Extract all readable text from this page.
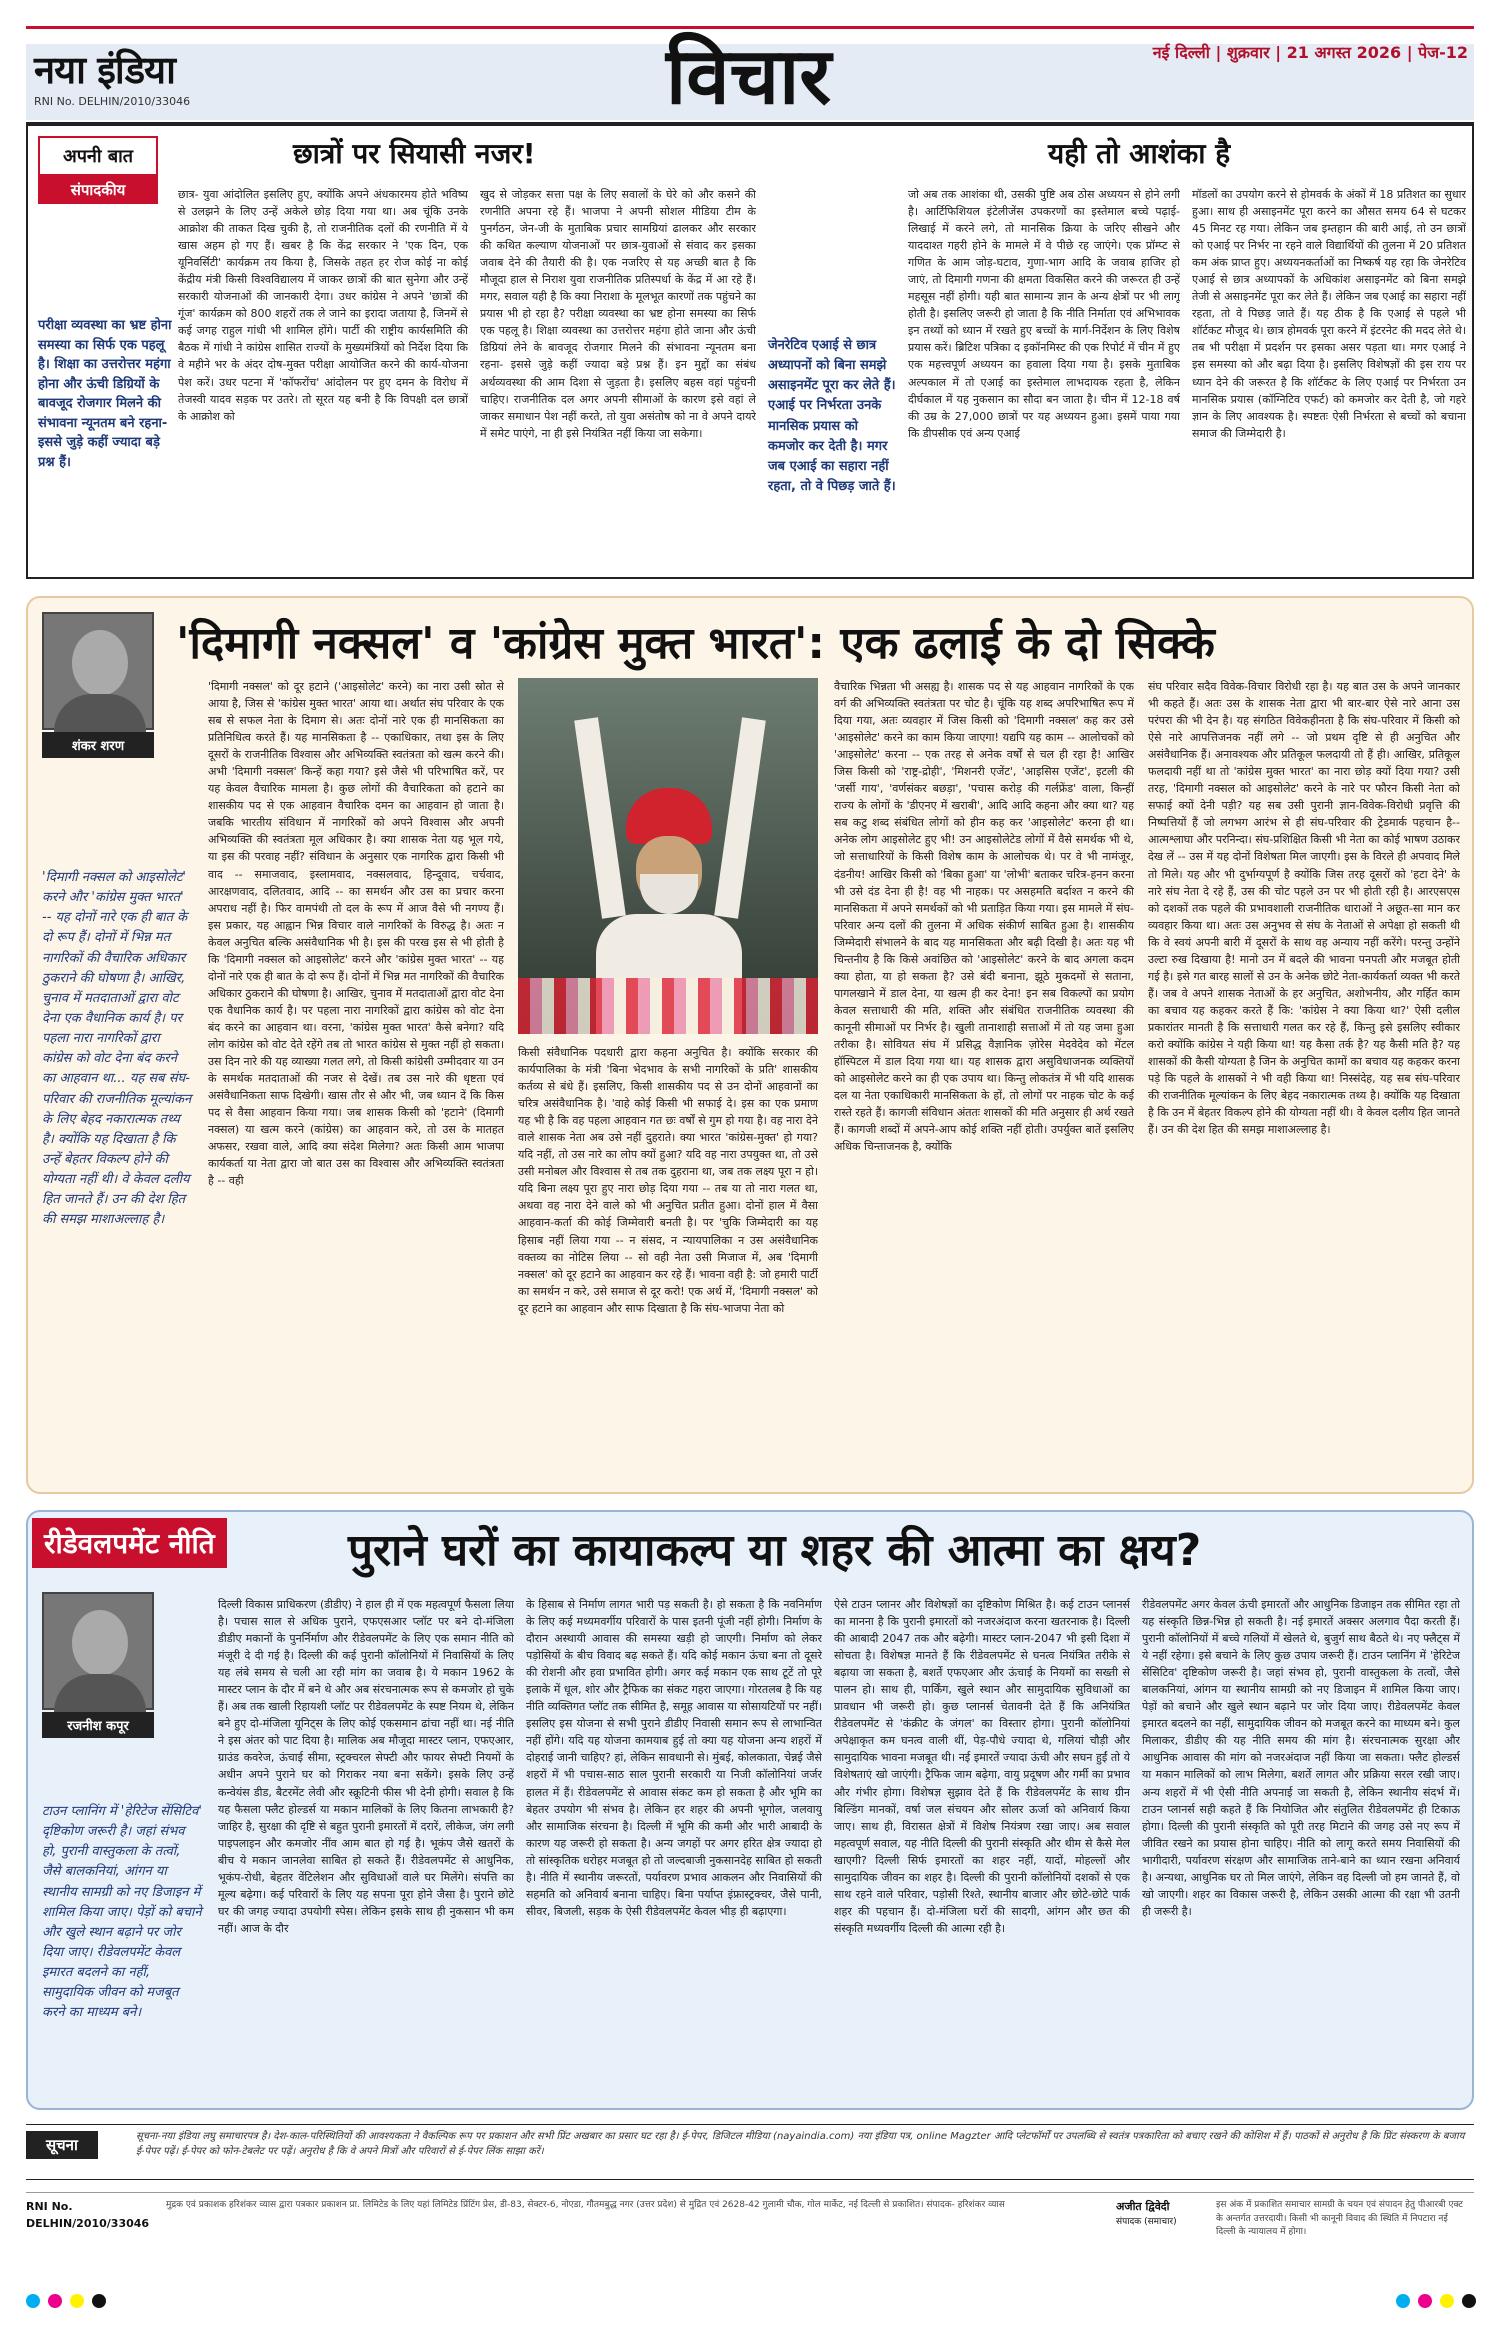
नया इंडिया
RNI No. DELHIN/2010/33046	विचार	नई दिल्ली | शुक्रवार | 21 अगस्त 2026 | पेज-12
अपनी बात
संपादकीय
परीक्षा व्यवस्था का भ्रष्ट होना समस्या का सिर्फ एक पहलू है। शिक्षा का उत्तरोत्तर महंगा होना और ऊंची डिग्रियों के बावजूद रोजगार मिलने की संभावना न्यूनतम बने रहना- इससे जुड़े कहीं ज्यादा बड़े प्रश्न हैं।
छात्रों पर सियासी नजर!
छात्र- युवा आंदोलित इसलिए हुए, क्योंकि अपने अंधकारमय होते भविष्य से उलझने के लिए उन्हें अकेले छोड़ दिया गया था। अब चूंकि उनके आक्रोश की ताकत दिख चुकी है, तो राजनीतिक दलों की रणनीति में ये खास अहम हो गए हैं। खबर है कि केंद्र सरकार ने 'एक दिन, एक यूनिवर्सिटी' कार्यक्रम तय किया है, जिसके तहत हर रोज कोई ना कोई केंद्रीय मंत्री किसी विश्वविद्यालय में जाकर छात्रों की बात सुनेगा और उन्हें सरकारी योजनाओं की जानकारी देगा। उधर कांग्रेस ने अपने 'छात्रों की गूंज' कार्यक्रम को 800 शहरों तक ले जाने का इरादा जताया है, जिनमें से कई जगह राहुल गांधी भी शामिल होंगे। पार्टी की राष्ट्रीय कार्यसमिति की बैठक में गांधी ने कांग्रेस शासित राज्यों के मुख्यमंत्रियों को निर्देश दिया कि वे महीने भर के अंदर दोष-मुक्त परीक्षा आयोजित करने की कार्य-योजना पेश करें। उधर पटना में 'कॉफरोंच' आंदोलन पर हुए दमन के विरोध में तेजस्वी यादव सड़क पर उतरे। तो सूरत यह बनी है कि विपक्षी दल छात्रों के आक्रोश को
खुद से जोड़कर सत्ता पक्ष के लिए सवालों के घेरे को और कसने की रणनीति अपना रहे हैं। भाजपा ने अपनी सोशल मीडिया टीम के पुनर्गठन, जेन-जी के मुताबिक प्रचार सामग्रियां ढालकर और सरकार की कथित कल्याण योजनाओं पर छात्र-युवाओं से संवाद कर इसका जवाब देने की तैयारी की है। एक नजरिए से यह अच्छी बात है कि मौजूदा हाल से निराश युवा राजनीतिक प्रतिस्पर्धा के केंद्र में आ रहे हैं। मगर, सवाल यही है कि क्या निराशा के मूलभूत कारणों तक पहुंचने का प्रयास भी हो रहा है? परीक्षा व्यवस्था का भ्रष्ट होना समस्या का सिर्फ एक पहलू है। शिक्षा व्यवस्था का उत्तरोत्तर महंगा होते जाना और ऊंची डिग्रियां लेने के बावजूद रोजगार मिलने की संभावना न्यूनतम बना रहना- इससे जुड़े कहीं ज्यादा बड़े प्रश्न हैं। इन मुद्दों का संबंध अर्थव्यवस्था की आम दिशा से जुड़ता है। इसलिए बहस वहां पहुंचनी चाहिए। राजनीतिक दल अगर अपनी सीमाओं के कारण इसे वहां ले जाकर समाधान पेश नहीं करते, तो युवा असंतोष को ना वे अपने दायरे में समेट पाएंगे, ना ही इसे नियंत्रित नहीं किया जा सकेगा।
जेनरेटिव एआई से छात्र अध्यापनों को बिना समझे असाइनमेंट पूरा कर लेते हैं। एआई पर निर्भरता उनके मानसिक प्रयास को कमजोर कर देती है। मगर जब एआई का सहारा नहीं रहता, तो वे पिछड़ जाते हैं।
यही तो आशंका है
जो अब तक आशंका थी, उसकी पुष्टि अब ठोस अध्ययन से होने लगी है। आर्टिफिशियल इंटेलीजेंस उपकरणों का इस्तेमाल बच्चे पढ़ाई-लिखाई में करने लगे, तो मानसिक क्रिया के जरिए सीखने और याददाश्त गहरी होने के मामले में वे पीछे रह जाएंगे। एक प्रॉम्प्ट से गणित के आम जोड़-घटाव, गुणा-भाग आदि के जवाब हाजिर हो जाएं, तो दिमागी गणना की क्षमता विकसित करने की जरूरत ही उन्हें महसूस नहीं होगी। यही बात सामान्य ज्ञान के अन्य क्षेत्रों पर भी लागू होती है। इसलिए जरूरी हो जाता है कि नीति निर्माता एवं अभिभावक इन तथ्यों को ध्यान में रखते हुए बच्चों के मार्ग-निर्देशन के लिए विशेष प्रयास करें। ब्रिटिश पत्रिका द इकॉनमिस्ट की एक रिपोर्ट में चीन में हुए एक महत्त्वपूर्ण अध्ययन का हवाला दिया गया है। इसके मुताबिक अल्पकाल में तो एआई का इस्तेमाल लाभदायक रहता है, लेकिन दीर्घकाल में यह नुकसान का सौदा बन जाता है। चीन में 12-18 वर्ष की उम्र के 27,000 छात्रों पर यह अध्ययन हुआ। इसमें पाया गया कि डीपसीक एवं अन्य एआई
मॉडलों का उपयोग करने से होमवर्क के अंकों में 18 प्रतिशत का सुधार हुआ। साथ ही असाइनमेंट पूरा करने का औसत समय 64 से घटकर 45 मिनट रह गया। लेकिन जब इम्तहान की बारी आई, तो उन छात्रों को एआई पर निर्भर ना रहने वाले विद्यार्थियों की तुलना में 20 प्रतिशत कम अंक प्राप्त हुए। अध्ययनकर्ताओं का निष्कर्ष यह रहा कि जेनरेटिव एआई से छात्र अध्यापकों के अधिकांश असाइनमेंट को बिना समझे तेजी से असाइनमेंट पूरा कर लेते हैं। लेकिन जब एआई का सहारा नहीं रहता, तो वे पिछड़ जाते हैं। यह ठीक है कि एआई से पहले भी शॉर्टकट मौजूद थे। छात्र होमवर्क पूरा करने में इंटरनेट की मदद लेते थे। तब भी परीक्षा में प्रदर्शन पर इसका असर पड़ता था। मगर एआई ने इस समस्या को और बढ़ा दिया है। इसलिए विशेषज्ञों की इस राय पर ध्यान देने की जरूरत है कि शॉर्टकट के लिए एआई पर निर्भरता उन मानसिक प्रयास (कॉग्निटिव एफर्ट) को कमजोर कर देती है, जो गहरे ज्ञान के लिए आवश्यक है। स्पष्टतः ऐसी निर्भरता से बच्चों को बचाना समाज की जिम्मेदारी है।
शंकर शरण
'दिमागी नक्सल' व 'कांग्रेस मुक्त भारत': एक ढलाई के दो सिक्के
'दिमागी नक्सल को आइसोलेट' करने और 'कांग्रेस मुक्त भारत' -- यह दोनों नारे एक ही बात के दो रूप हैं। दोनों में भिन्न मत नागरिकों की वैचारिक अधिकार ठुकराने की घोषणा है। आखिर, चुनाव में मतदाताओं द्वारा वोट देना एक वैधानिक कार्य है। पर पहला नारा नागरिकों द्वारा कांग्रेस को वोट देना बंद करने का आहवान था... यह सब संघ-परिवार की राजनीतिक मूल्यांकन के लिए बेहद नकारात्मक तथ्य है। क्योंकि यह दिखाता है कि उन्हें बेहतर विकल्प होने की योग्यता नहीं थी। वे केवल दलीय हित जानते हैं। उन की देश हित की समझ माशाअल्लाह है।
'दिमागी नक्सल' को दूर हटाने ('आइसोलेट' करने) का नारा उसी स्रोत से आया है, जिस से 'कांग्रेस मुक्त भारत' आया था। अर्थात संघ परिवार के एक सब से सफल नेता के दिमाग से। अतः दोनों नारे एक ही मानसिकता का प्रतिनिधित्व करते हैं। यह मानसिकता है -- एकाधिकार, तथा इस के लिए दूसरों के राजनीतिक विश्वास और अभिव्यक्ति स्वतंत्रता को खत्म करने की। अभी 'दिमागी नक्सल' किन्हें कहा गया? इसे जैसे भी परिभाषित करें, पर यह केवल वैचारिक मामला है। कुछ लोगों की वैचारिकता को हटाने का शासकीय पद से एक आहवान वैचारिक दमन का आहवान हो जाता है। जबकि भारतीय संविधान में नागरिकों को अपने विश्वास और अपनी अभिव्यक्ति की स्वतंत्रता मूल अधिकार है। क्या शासक नेता यह भूल गये, या इस की परवाह नहीं? संविधान के अनुसार एक नागरिक द्वारा किसी भी वाद -- समाजवाद, इस्लामवाद, नक्सलवाद, हिन्दूवाद, चर्चवाद, आरक्षणवाद, दलितवाद, आदि -- का समर्थन और उस का प्रचार करना अपराध नहीं है। फिर वामपंथी तो दल के रूप में आज वैसे भी नगण्य हैं। इस प्रकार, यह आह्वान भिन्न विचार वाले नागरिकों के विरुद्ध है। अतः न केवल अनुचित बल्कि असंवैधानिक भी है। इस की परख इस से भी होती है कि 'दिमागी नक्सल को आइसोलेट' करने और 'कांग्रेस मुक्त भारत' -- यह दोनों नारे एक ही बात के दो रूप हैं। दोनों में भिन्न मत नागरिकों की वैचारिक अधिकार ठुकराने की घोषणा है। आखिर, चुनाव में मतदाताओं द्वारा वोट देना एक वैधानिक कार्य है। पर पहला नारा नागरिकों द्वारा कांग्रेस को वोट देना बंद करने का आहवान था। वरना, 'कांग्रेस मुक्त भारत' कैसे बनेगा? यदि लोग कांग्रेस को वोट देते रहेंगे तब तो भारत कांग्रेस से मुक्त नहीं हो सकता। उस दिन नारे की यह व्याख्या गलत लगे, तो किसी कांग्रेसी उम्मीदवार या उन के समर्थक मतदाताओं की नजर से देखें। तब उस नारे की धृष्टता एवं असंवैधानिकता साफ दिखेगी। खास तौर से और भी, जब ध्यान दें कि किस पद से वैसा आहवान किया गया। जब शासक किसी को 'हटाने' (दिमागी नक्सल) या खत्म करने (कांग्रेस) का आहवान करे, तो उस के मातहत अफसर, रखवा वाले, आदि क्या संदेश मिलेगा? अतः किसी आम भाजपा कार्यकर्ता या नेता द्वारा जो बात उस का विश्वास और अभिव्यक्ति स्वतंत्रता है -- वही
किसी संवैधानिक पदधारी द्वारा कहना अनुचित है। क्योंकि सरकार की कार्यपालिका के मंत्री 'बिना भेदभाव के सभी नागरिकों के प्रति' शासकीय कर्तव्य से बंधे हैं। इसलिए, किसी शासकीय पद से उन दोनों आहवानों का चरित्र असंवैधानिक है। 'वाहे कोई किसी भी सफाई दे। इस का एक प्रमाण यह भी है कि वह पहला आहवान गत छः वर्षों से गुम हो गया है। वह नारा देने वाले शासक नेता अब उसे नहीं दुहराते। क्या भारत 'कांग्रेस-मुक्त' हो गया? यदि नहीं, तो उस नारे का लोप क्यों हुआ? यदि वह नारा उपयुक्त था, तो उसे उसी मनोबल और विश्वास से तब तक दुहराना था, जब तक लक्ष्य पूरा न हो। यदि बिना लक्ष्य पूरा हुए नारा छोड़ दिया गया -- तब या तो नारा गलत था, अथवा वह नारा देने वाले को भी अनुचित प्रतीत हुआ। दोनों हाल में वैसा आहवान-कर्ता की कोई जिम्मेवारी बनती है। पर 'चुकि जिम्मेदारी का यह हिसाब नहीं लिया गया -- न संसद, न न्यायपालिका न उस असंवैधानिक वक्तव्य का नोटिस लिया -- सो वही नेता उसी मिजाज में, अब 'दिमागी नक्सल' को दूर हटाने का आहवान कर रहे हैं। भावना वही है: जो हमारी पार्टी का समर्थन न करे, उसे समाज से दूर करो! एक अर्थ में, 'दिमागी नक्सल' को दूर हटाने का आहवान और साफ दिखाता है कि संघ-भाजपा नेता को
वैचारिक भिन्नता भी असह्य है। शासक पद से यह आहवान नागरिकों के एक वर्ग की अभिव्यक्ति स्वतंत्रता पर चोट है। चूंकि यह शब्द अपरिभाषित रूप में दिया गया, अतः व्यवहार में जिस किसी को 'दिमागी नक्सल' कह कर उसे 'आइसोलेट' करने का काम किया जाएगा! यद्यपि यह काम -- आलोचकों को 'आइसोलेट' करना -- एक तरह से अनेक वर्षों से चल ही रहा है! आखिर जिस किसी को 'राष्ट्र-द्रोही', 'मिशनरी एजेंट', 'आइसिस एजेंट', इटली की 'जर्सी गाय', 'वर्णसंकर बछड़ा', 'पचास करोड़ की गर्लफ्रेंड' वाला, किन्हीं राज्य के लोगों के 'डीएनए में खराबी', आदि आदि कहना और क्या था? यह सब कटु शब्द संबंधित लोगों को हीन कह कर 'आइसोलेट' करना ही था। अनेक लोग आइसोलेट हुए भी! उन आइसोलेटेड लोगों में वैसे समर्थक भी थे, जो सत्ताधारियों के किसी विशेष काम के आलोचक थे। पर वे भी नामंजूर, दंडनीय! आखिर किसी को 'बिका हुआ' या 'लोभी' बताकर चरित्र-हनन करना भी उसे दंड देना ही है! वह भी नाहक। पर असहमति बर्दाश्त न करने की मानसिकता में अपने समर्थकों को भी प्रताड़ित किया गया। इस मामले में संघ-परिवार अन्य दलों की तुलना में अधिक संकीर्ण साबित हुआ है। शासकीय जिम्मेदारी संभालने के बाद यह मानसिकता और बढ़ी दिखी है। अतः यह भी चिन्तनीय है कि किसे अवांछित को 'आइसोलेट' करने के बाद अगला कदम क्या होता, या हो सकता है? उसे बंदी बनाना, झूठे मुकदमों से सताना, पागलखाने में डाल देना, या खत्म ही कर देना! इन सब विकल्पों का प्रयोग केवल सत्ताधारी की मति, शक्ति और संबंधित राजनीतिक व्यवस्था की कानूनी सीमाओं पर निर्भर है। खुली तानाशाही सत्ताओं में तो यह जमा हुआ तरीका है। सोवियत संघ में प्रसिद्ध वैज्ञानिक ज़ोरेस मेदवेदेव को मेंटल हॉस्पिटल में डाल दिया गया था। यह शासक द्वारा असुविधाजनक व्यक्तियों को आइसोलेट करने का ही एक उपाय था। किन्तु लोकतंत्र में भी यदि शासक दल या नेता एकाधिकारी मानसिकता के हों, तो लोगों पर नाहक चोट के कई रास्ते रहते हैं। कागजी संविधान अंततः शासकों की मति अनुसार ही अर्थ रखते हैं। कागजी शब्दों में अपने-आप कोई शक्ति नहीं होती। उपर्युक्त बातें इसलिए अधिक चिन्ताजनक है, क्योंकि
संघ परिवार सदैव विवेक-विचार विरोधी रहा है। यह बात उस के अपने जानकार भी कहते हैं। अतः उस के शासक नेता द्वारा भी बार-बार ऐसे नारे आना उस परंपरा की भी देन है। यह संगठित विवेकहीनता है कि संघ-परिवार में किसी को ऐसे नारे आपत्तिजनक नहीं लगे -- जो प्रथम दृष्टि से ही अनुचित और असंवैधानिक हैं। अनावश्यक और प्रतिकूल फलदायी तो हैं ही। आखिर, प्रतिकूल फलदायी नहीं था तो 'कांग्रेस मुक्त भारत' का नारा छोड़ क्यों दिया गया? उसी तरह, 'दिमागी नक्सल को आइसोलेट' करने के नारे पर फौरन किसी नेता को सफाई क्यों देनी पड़ी? यह सब उसी पुरानी ज्ञान-विवेक-विरोधी प्रवृत्ति की निष्पत्तियों हैं जो लगभग आरंभ से ही संघ-परिवार की ट्रेडमार्क पहचान है-- आत्मश्लाघा और परनिन्दा। संघ-प्रशिक्षित किसी भी नेता का कोई भाषण उठाकर देख लें -- उस में यह दोनों विशेषता मिल जाएगी। इस के विरले ही अपवाद मिले तो मिले। यह और भी दुर्भाग्यपूर्ण है क्योंकि जिस तरह दूसरों को 'हटा देने' के नारे संघ नेता दे रहे हैं, उस की चोट पहले उन पर भी होती रही है। आरएसएस को दशकों तक पहले की प्रभावशाली राजनीतिक धाराओं ने अछूत-सा मान कर व्यवहार किया था। अतः उस अनुभव से संघ के नेताओं से अपेक्षा हो सकती थी कि वे स्वयं अपनी बारी में दूसरों के साथ वह अन्याय नहीं करेंगे। परन्तु उन्होंने उल्टा रुख दिखाया है! मानो उन में बदले की भावना पनपती और मजबूत होती गई है। इसे गत बारह सालों से उन के अनेक छोटे नेता-कार्यकर्ता व्यक्त भी करते हैं। जब वे अपने शासक नेताओं के हर अनुचित, अशोभनीय, और गर्हित काम का बचाव यह कहकर करते हैं कि: 'कांग्रेस ने क्या किया था?' ऐसी दलील प्रकारांतर मानती है कि सत्ताधारी गलत कर रहे हैं, किन्तु इसे इसलिए स्वीकार करो क्योंकि कांग्रेस ने यही किया था! यह कैसा तर्क है? यह कैसी मति है? यह शासकों की कैसी योग्यता है जिन के अनुचित कामों का बचाव यह कहकर करना पड़े कि पहले के शासकों ने भी वही किया था! निस्संदेह, यह सब संघ-परिवार की राजनीतिक मूल्यांकन के लिए बेहद नकारात्मक तथ्य है। क्योंकि यह दिखाता है कि उन में बेहतर विकल्प होने की योग्यता नहीं थी। वे केवल दलीय हित जानते हैं। उन की देश हित की समझ माशाअल्लाह है।
रीडेवलपमेंट नीति	पुराने घरों का कायाकल्प या शहर की आत्मा का क्षय?
रजनीश कपूर
टाउन प्लानिंग में 'हेरिटेज सेंसिटिव' दृष्टिकोण जरूरी है। जहां संभव हो, पुरानी वास्तुकला के तत्वों, जैसे बालकनियां, आंगन या स्थानीय सामग्री को नए डिजाइन में शामिल किया जाए। पेड़ों को बचाने और खुले स्थान बढ़ाने पर जोर दिया जाए। रीडेवलपमेंट केवल इमारत बदलने का नहीं, सामुदायिक जीवन को मजबूत करने का माध्यम बने।
दिल्ली विकास प्राधिकरण (डीडीए) ने हाल ही में एक महत्वपूर्ण फैसला लिया है। पचास साल से अधिक पुराने, एफएसआर प्लॉट पर बने दो-मंजिला डीडीए मकानों के पुनर्निर्माण और रीडेवलपमेंट के लिए एक समान नीति को मंजूरी दे दी गई है। दिल्ली की कई पुरानी कॉलोनियों में निवासियों के लिए यह लंबे समय से चली आ रही मांग का जवाब है। ये मकान 1962 के मास्टर प्लान के दौर में बने थे और अब संरचनात्मक रूप से कमजोर हो चुके हैं। अब तक खाली रिहायशी प्लॉट पर रीडेवलपमेंट के स्पष्ट नियम थे, लेकिन बने हुए दो-मंजिला यूनिट्स के लिए कोई एकसमान ढांचा नहीं था। नई नीति ने इस अंतर को पाट दिया है। मालिक अब मौजूदा मास्टर प्लान, एफएआर, ग्राउंड कवरेज, ऊंचाई सीमा, स्ट्रक्चरल सेफ्टी और फायर सेफ्टी नियमों के अधीन अपने पुराने घर को गिराकर नया बना सकेंगे। इसके लिए उन्हें कन्वेयंस डीड, बैटरमेंट लेवी और स्क्रूटिनी फीस भी देनी होगी। सवाल है कि यह फैसला फ्लैट होल्डर्स या मकान मालिकों के लिए कितना लाभकारी है? जाहिर है, सुरक्षा की दृष्टि से बहुत पुरानी इमारतों में दरारें, लीकेज, जंग लगी पाइपलाइन और कमजोर नींव आम बात हो गई है। भूकंप जैसे खतरों के बीच ये मकान जानलेवा साबित हो सकते हैं। रीडेवलपमेंट से आधुनिक, भूकंप-रोधी, बेहतर वेंटिलेशन और सुविधाओं वाले घर मिलेंगे। संपत्ति का मूल्य बढ़ेगा। कई परिवारों के लिए यह सपना पूरा होने जैसा है। पुराने छोटे घर की जगह ज्यादा उपयोगी स्पेस। लेकिन इसके साथ ही नुकसान भी कम नहीं। आज के दौर
के हिसाब से निर्माण लागत भारी पड़ सकती है। हो सकता है कि नवनिर्माण के लिए कई मध्यमवर्गीय परिवारों के पास इतनी पूंजी नहीं होगी। निर्माण के दौरान अस्थायी आवास की समस्या खड़ी हो जाएगी। निर्माण को लेकर पड़ोसियों के बीच विवाद बढ़ सकते हैं। यदि कोई मकान ऊंचा बना तो दूसरे की रोशनी और हवा प्रभावित होगी। अगर कई मकान एक साथ टूटें तो पूरे इलाके में धूल, शोर और ट्रैफिक का संकट गहरा जाएगा। गोरतलब है कि यह नीति व्यक्तिगत प्लॉट तक सीमित है, समूह आवास या सोसायटियों पर नहीं। इसलिए इस योजना से सभी पुराने डीडीए निवासी समान रूप से लाभान्वित नहीं होंगे। यदि यह योजना कामयाब हुई तो क्या यह योजना अन्य शहरों में दोहराई जानी चाहिए? हां, लेकिन सावधानी से। मुंबई, कोलकाता, चेन्नई जैसे शहरों में भी पचास-साठ साल पुरानी सरकारी या निजी कॉलोनियां जर्जर हालत में हैं। रीडेवलपमेंट से आवास संकट कम हो सकता है और भूमि का बेहतर उपयोग भी संभव है। लेकिन हर शहर की अपनी भूगोल, जलवायु और सामाजिक संरचना है। दिल्ली में भूमि की कमी और भारी आबादी के कारण यह जरूरी हो सकता है। अन्य जगहों पर अगर हरित क्षेत्र ज्यादा हो तो सांस्कृतिक धरोहर मजबूत हो तो जल्दबाजी नुकसानदेह साबित हो सकती है। नीति में स्थानीय जरूरतों, पर्यावरण प्रभाव आकलन और निवासियों की सहमति को अनिवार्य बनाना चाहिए। बिना पर्याप्त इंफ्रास्ट्रक्चर, जैसे पानी, सीवर, बिजली, सड़क के ऐसी रीडेवलपमेंट केवल भीड़ ही बढ़ाएगा।
ऐसे टाउन प्लानर और विशेषज्ञों का दृष्टिकोण मिश्रित है। कई टाउन प्लानर्स का मानना है कि पुरानी इमारतों को नजरअंदाज करना खतरनाक है। दिल्ली की आबादी 2047 तक और बढ़ेगी। मास्टर प्लान-2047 भी इसी दिशा में सोचता है। विशेषज्ञ मानते हैं कि रीडेवलपमेंट से घनत्व नियंत्रित तरीके से बढ़ाया जा सकता है, बशर्ते एफएआर और ऊंचाई के नियमों का सख्ती से पालन हो। साथ ही, पार्किंग, खुले स्थान और सामुदायिक सुविधाओं का प्रावधान भी जरूरी हो। कुछ प्लानर्स चेतावनी देते हैं कि अनियंत्रित रीडेवलपमेंट से 'कंक्रीट के जंगल' का विस्तार होगा। पुरानी कॉलोनियां अपेक्षाकृत कम घनत्व वाली थीं, पेड़-पौधे ज्यादा थे, गलियां चौड़ी और सामुदायिक भावना मजबूत थी। नई इमारतें ज्यादा ऊंची और सघन हुईं तो ये विशेषताएं खो जाएंगी। ट्रैफिक जाम बढ़ेगा, वायु प्रदूषण और गर्मी का प्रभाव और गंभीर होगा। विशेषज्ञ सुझाव देते हैं कि रीडेवलपमेंट के साथ ग्रीन बिल्डिंग मानकों, वर्षा जल संचयन और सोलर ऊर्जा को अनिवार्य किया जाए। साथ ही, विरासत क्षेत्रों में विशेष नियंत्रण रखा जाए। अब सवाल महत्वपूर्ण सवाल, यह नीति दिल्ली की पुरानी संस्कृति और थीम से कैसे मेल खाएगी? दिल्ली सिर्फ इमारतों का शहर नहीं, यादों, मोहल्लों और सामुदायिक जीवन का शहर है। दिल्ली की पुरानी कॉलोनियों दशकों से एक साथ रहने वाले परिवार, पड़ोसी रिश्ते, स्थानीय बाजार और छोटे-छोटे पार्क शहर की पहचान हैं। दो-मंजिला घरों की सादगी, आंगन और छत की संस्कृति मध्यवर्गीय दिल्ली की आत्मा रही है।
रीडेवलपमेंट अगर केवल ऊंची इमारतों और आधुनिक डिजाइन तक सीमित रहा तो यह संस्कृति छिन्न-भिन्न हो सकती है। नई इमारतें अक्सर अलगाव पैदा करती हैं। पुरानी कॉलोनियों में बच्चे गलियों में खेलते थे, बुजुर्ग साथ बैठते थे। नए फ्लैट्स में ये नहीं रहेगा। इसे बचाने के लिए कुछ उपाय जरूरी हैं। टाउन प्लानिंग में 'हेरिटेज सेंसिटिव' दृष्टिकोण जरूरी है। जहां संभव हो, पुरानी वास्तुकला के तत्वों, जैसे बालकनियां, आंगन या स्थानीय सामग्री को नए डिजाइन में शामिल किया जाए। पेड़ों को बचाने और खुले स्थान बढ़ाने पर जोर दिया जाए। रीडेवलपमेंट केवल इमारत बदलने का नहीं, सामुदायिक जीवन को मजबूत करने का माध्यम बने। कुल मिलाकर, डीडीए की यह नीति समय की मांग है। संरचनात्मक सुरक्षा और आधुनिक आवास की मांग को नजरअंदाज नहीं किया जा सकता। फ्लैट होल्डर्स या मकान मालिकों को लाभ मिलेगा, बशर्ते लागत और प्रक्रिया सरल रखी जाए। अन्य शहरों में भी ऐसी नीति अपनाई जा सकती है, लेकिन स्थानीय संदर्भ में। टाउन प्लानर्स सही कहते हैं कि नियोजित और संतुलित रीडेवलपमेंट ही टिकाऊ होगा। दिल्ली की पुरानी संस्कृति को पूरी तरह मिटाने की जगह उसे नए रूप में जीवित रखने का प्रयास होना चाहिए। नीति को लागू करते समय निवासियों की भागीदारी, पर्यावरण संरक्षण और सामाजिक ताने-बाने का ध्यान रखना अनिवार्य है। अन्यथा, आधुनिक घर तो मिल जाएंगे, लेकिन वह दिल्ली जो हम जानते हैं, वो खो जाएगी। शहर का विकास जरूरी है, लेकिन उसकी आत्मा की रक्षा भी उतनी ही जरूरी है।
सूचना	सूचना-नया इंडिया लघु समाचारपत्र है। देश-काल-परिस्थितियों की आवश्यकता ने वैकल्पिक रूप पर प्रकाशन और सभी प्रिंट अखबार का प्रसार घट रहा है। ई-पेपर, डिजिटल मीडिया (nayaindia.com) नया इंडिया पत्र, online Magzter आदि प्लेटफॉर्मों पर उपलब्धि से स्वतंत्र पत्रकारिता को बचाए रखने की कोशिश में हैं। पाठकों से अनुरोध है कि प्रिंट संस्करण के बजाय ई-पेपर पढ़ें। ई-पेपर को फोन-टेबलेट पर पढ़ें। अनुरोध है कि वे अपने मित्रों और परिवारों से ई-पेपर लिंक साझा करें।
RNI No. DELHIN/2010/33046
मुद्रक एवं प्रकाशक हरिशंकर व्यास द्वारा पत्रकार प्रकाशन प्रा. लिमिटेड के लिए यहां लिमिटेड प्रिंटिंग प्रेस, डी-83, सेक्टर-6, नोएडा, गौतमबुद्ध नगर (उत्तर प्रदेश) से मुद्रित एवं 2628-42 गुलामी चौक, गोल मार्केट, नई दिल्ली से प्रकाशित। संपादक- हरिशंकर व्यास	अजीत द्विवेदी
संपादक (समाचार)
इस अंक में प्रकाशित समाचार सामग्री के चयन एवं संपादन हेतु पीआरबी एक्ट के अन्तर्गत उत्तरदायी। किसी भी कानूनी विवाद की स्थिति में निपटारा नई दिल्ली के न्यायालय में होगा।
